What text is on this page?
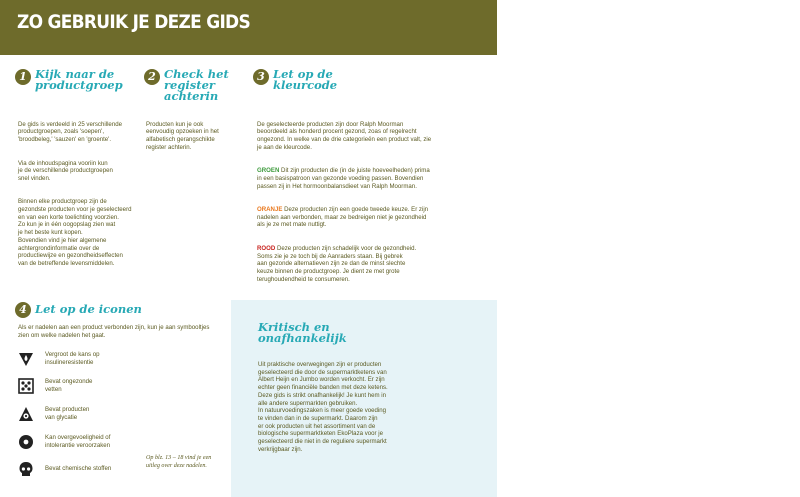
ZO GEBRUIK JE DEZE GIDS
1 Kijk naar de
productgroep

De gids is verdeeld in 25 verschillende
productgroepen, zoals 'soepen',
'broodbeleg,' 'sauzen' en 'groente'.

Via de inhoudspagina vooriin kun
je de verschillende productgroepen
snel vinden.

Binnen elke productgroep zijn de
gezondste producten voor je geselecteerd
en van een korte toelichting voorzien.
Zo kun je in één oogopslag zien wat
je het beste kunt kopen.
Bovendien vind je hier algemene
achtergrondinformatie over de
productiewijze en gezondheidseffecten
van de betreffende levensmiddelen.

2 Check het
register
achterin

Producten kun je ook
eenvoudig opzoeken in het
alfabetisch gerangschikte
register achterin.

3 Let op de
kleurcode

De geselecteerde producten zijn door Ralph Moorman
beoordeeld als honderd procent gezond, zoas of regelrecht
ongezond. In welke van de drie categorieën een product valt, zie
je aan de kleurcode.

GROEN Dit zijn producten die (in de juiste hoeveelheden) prima
in een basispatroon van gezonde voeding passen. Bovendien
passen zij in Het hormoonbalansdieet van Ralph Moorman.

ORANJE Deze producten zijn een goede tweede keuze. Er zijn
nadelen aan verbonden, maar ze bedreigen niet je gezondheid
als je ze met mate nuttigt.

ROOD Deze producten zijn schadelijk voor de gezondheid.
Soms zie je ze toch bij de Aanraders staan. Bij gebrek
aan gezonde alternatieven zijn ze dan de minst slechte
keuze binnen de productgroep. Je dient ze met grote
terughoudendheid te consumeren.

4 Let op de iconen
Als er nadelen aan een product verbonden zijn, kun je aan symbooltjes
zien om welke nadelen het gaat.
Vergroot de kans op
insulineresistentie
Bevat ongezonde
vetten
Bevat producten
van glycatie
Kan overgevoeligheid of
intolerantie veroorzaken
Bevat chemische stoffen
Op blz. 13 – 18 vind je een
uitleg over deze nadelen.
Kritisch en
onafhankelijk
Uit praktische overwegingen zijn er producten
geselecteerd die door de supermarktketens van
Albert Heijn en Jumbo worden verkocht. Er zijn
echter geen financiële banden met deze ketens.
Deze gids is strikt onafhankelijk! Je kunt hem in
alle andere supermarkten gebruiken.
In natuurvoedingszaken is meer goede voeding
te vinden dan in de supermarkt. Daarom zijn
er ook producten uit het assortiment van de
biologische supermarktketen EkoPlaza voor je
geselecteerd die niet in de reguliere supermarkt
verkrijgbaar zijn.
